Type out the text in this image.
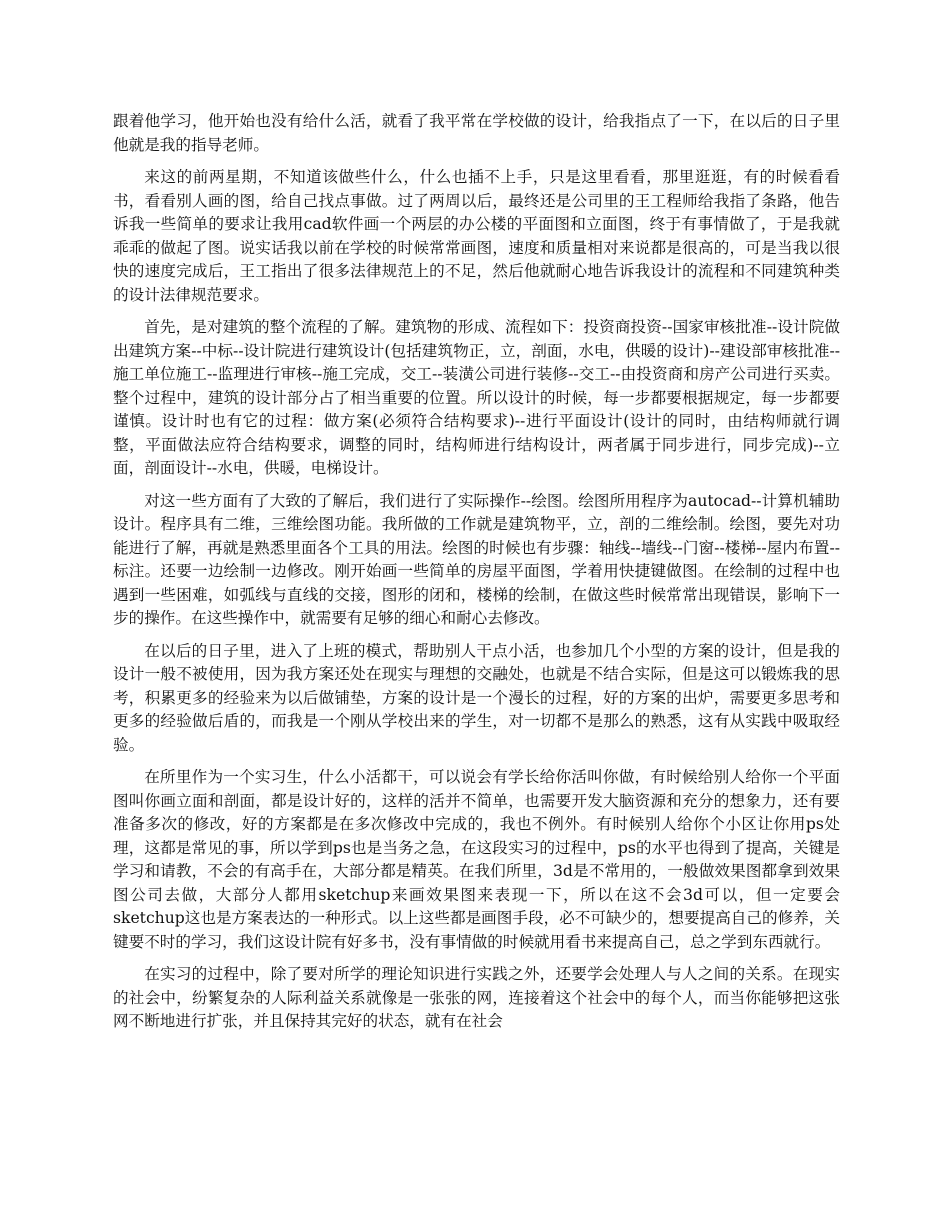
跟着他学习，他开始也没有给什么活，就看了我平常在学校做的设计，给我指点了一下，在以后的日子里他就是我的指导老师。

来这的前两星期，不知道该做些什么，什么也插不上手，只是这里看看，那里逛逛，有的时候看看书，看看别人画的图，给自己找点事做。过了两周以后，最终还是公司里的王工程师给我指了条路，他告诉我一些简单的要求让我用cad软件画一个两层的办公楼的平面图和立面图，终于有事情做了，于是我就乖乖的做起了图。说实话我以前在学校的时候常常画图，速度和质量相对来说都是很高的，可是当我以很快的速度完成后，王工指出了很多法律规范上的不足，然后他就耐心地告诉我设计的流程和不同建筑种类的设计法律规范要求。

首先，是对建筑的整个流程的了解。建筑物的形成、流程如下：投资商投资--国家审核批准--设计院做出建筑方案--中标--设计院进行建筑设计(包括建筑物正，立，剖面，水电，供暖的设计)--建设部审核批准--施工单位施工--监理进行审核--施工完成，交工--装潢公司进行装修--交工--由投资商和房产公司进行买卖。整个过程中，建筑的设计部分占了相当重要的位置。所以设计的时候，每一步都要根据规定，每一步都要谨慎。设计时也有它的过程：做方案(必须符合结构要求)--进行平面设计(设计的同时，由结构师就行调整，平面做法应符合结构要求，调整的同时，结构师进行结构设计，两者属于同步进行，同步完成)--立面，剖面设计--水电，供暖，电梯设计。

对这一些方面有了大致的了解后，我们进行了实际操作--绘图。绘图所用程序为autocad--计算机辅助设计。程序具有二维，三维绘图功能。我所做的工作就是建筑物平，立，剖的二维绘制。绘图，要先对功能进行了解，再就是熟悉里面各个工具的用法。绘图的时候也有步骤：轴线--墙线--门窗--楼梯--屋内布置--标注。还要一边绘制一边修改。刚开始画一些简单的房屋平面图，学着用快捷键做图。在绘制的过程中也遇到一些困难，如弧线与直线的交接，图形的闭和，楼梯的绘制，在做这些时候常常出现错误，影响下一步的操作。在这些操作中，就需要有足够的细心和耐心去修改。

在以后的日子里，进入了上班的模式，帮助别人干点小活，也参加几个小型的方案的设计，但是我的设计一般不被使用，因为我方案还处在现实与理想的交融处，也就是不结合实际，但是这可以锻炼我的思考，积累更多的经验来为以后做铺垫，方案的设计是一个漫长的过程，好的方案的出炉，需要更多思考和更多的经验做后盾的，而我是一个刚从学校出来的学生，对一切都不是那么的熟悉，这有从实践中吸取经验。

在所里作为一个实习生，什么小活都干，可以说会有学长给你活叫你做，有时候给别人给你一个平面图叫你画立面和剖面，都是设计好的，这样的活并不简单，也需要开发大脑资源和充分的想象力，还有要准备多次的修改，好的方案都是在多次修改中完成的，我也不例外。有时候别人给你个小区让你用ps处理，这都是常见的事，所以学到ps也是当务之急，在这段实习的过程中，ps的水平也得到了提高，关键是学习和请教，不会的有高手在，大部分都是精英。在我们所里，3d是不常用的，一般做效果图都拿到效果图公司去做，大部分人都用sketchup来画效果图来表现一下，所以在这不会3d可以，但一定要会sketchup这也是方案表达的一种形式。以上这些都是画图手段，必不可缺少的，想要提高自己的修养，关键要不时的学习，我们这设计院有好多书，没有事情做的时候就用看书来提高自己，总之学到东西就行。

在实习的过程中，除了要对所学的理论知识进行实践之外，还要学会处理人与人之间的关系。在现实的社会中，纷繁复杂的人际利益关系就像是一张张的网，连接着这个社会中的每个人，而当你能够把这张网不断地进行扩张，并且保持其完好的状态，就有在社会
